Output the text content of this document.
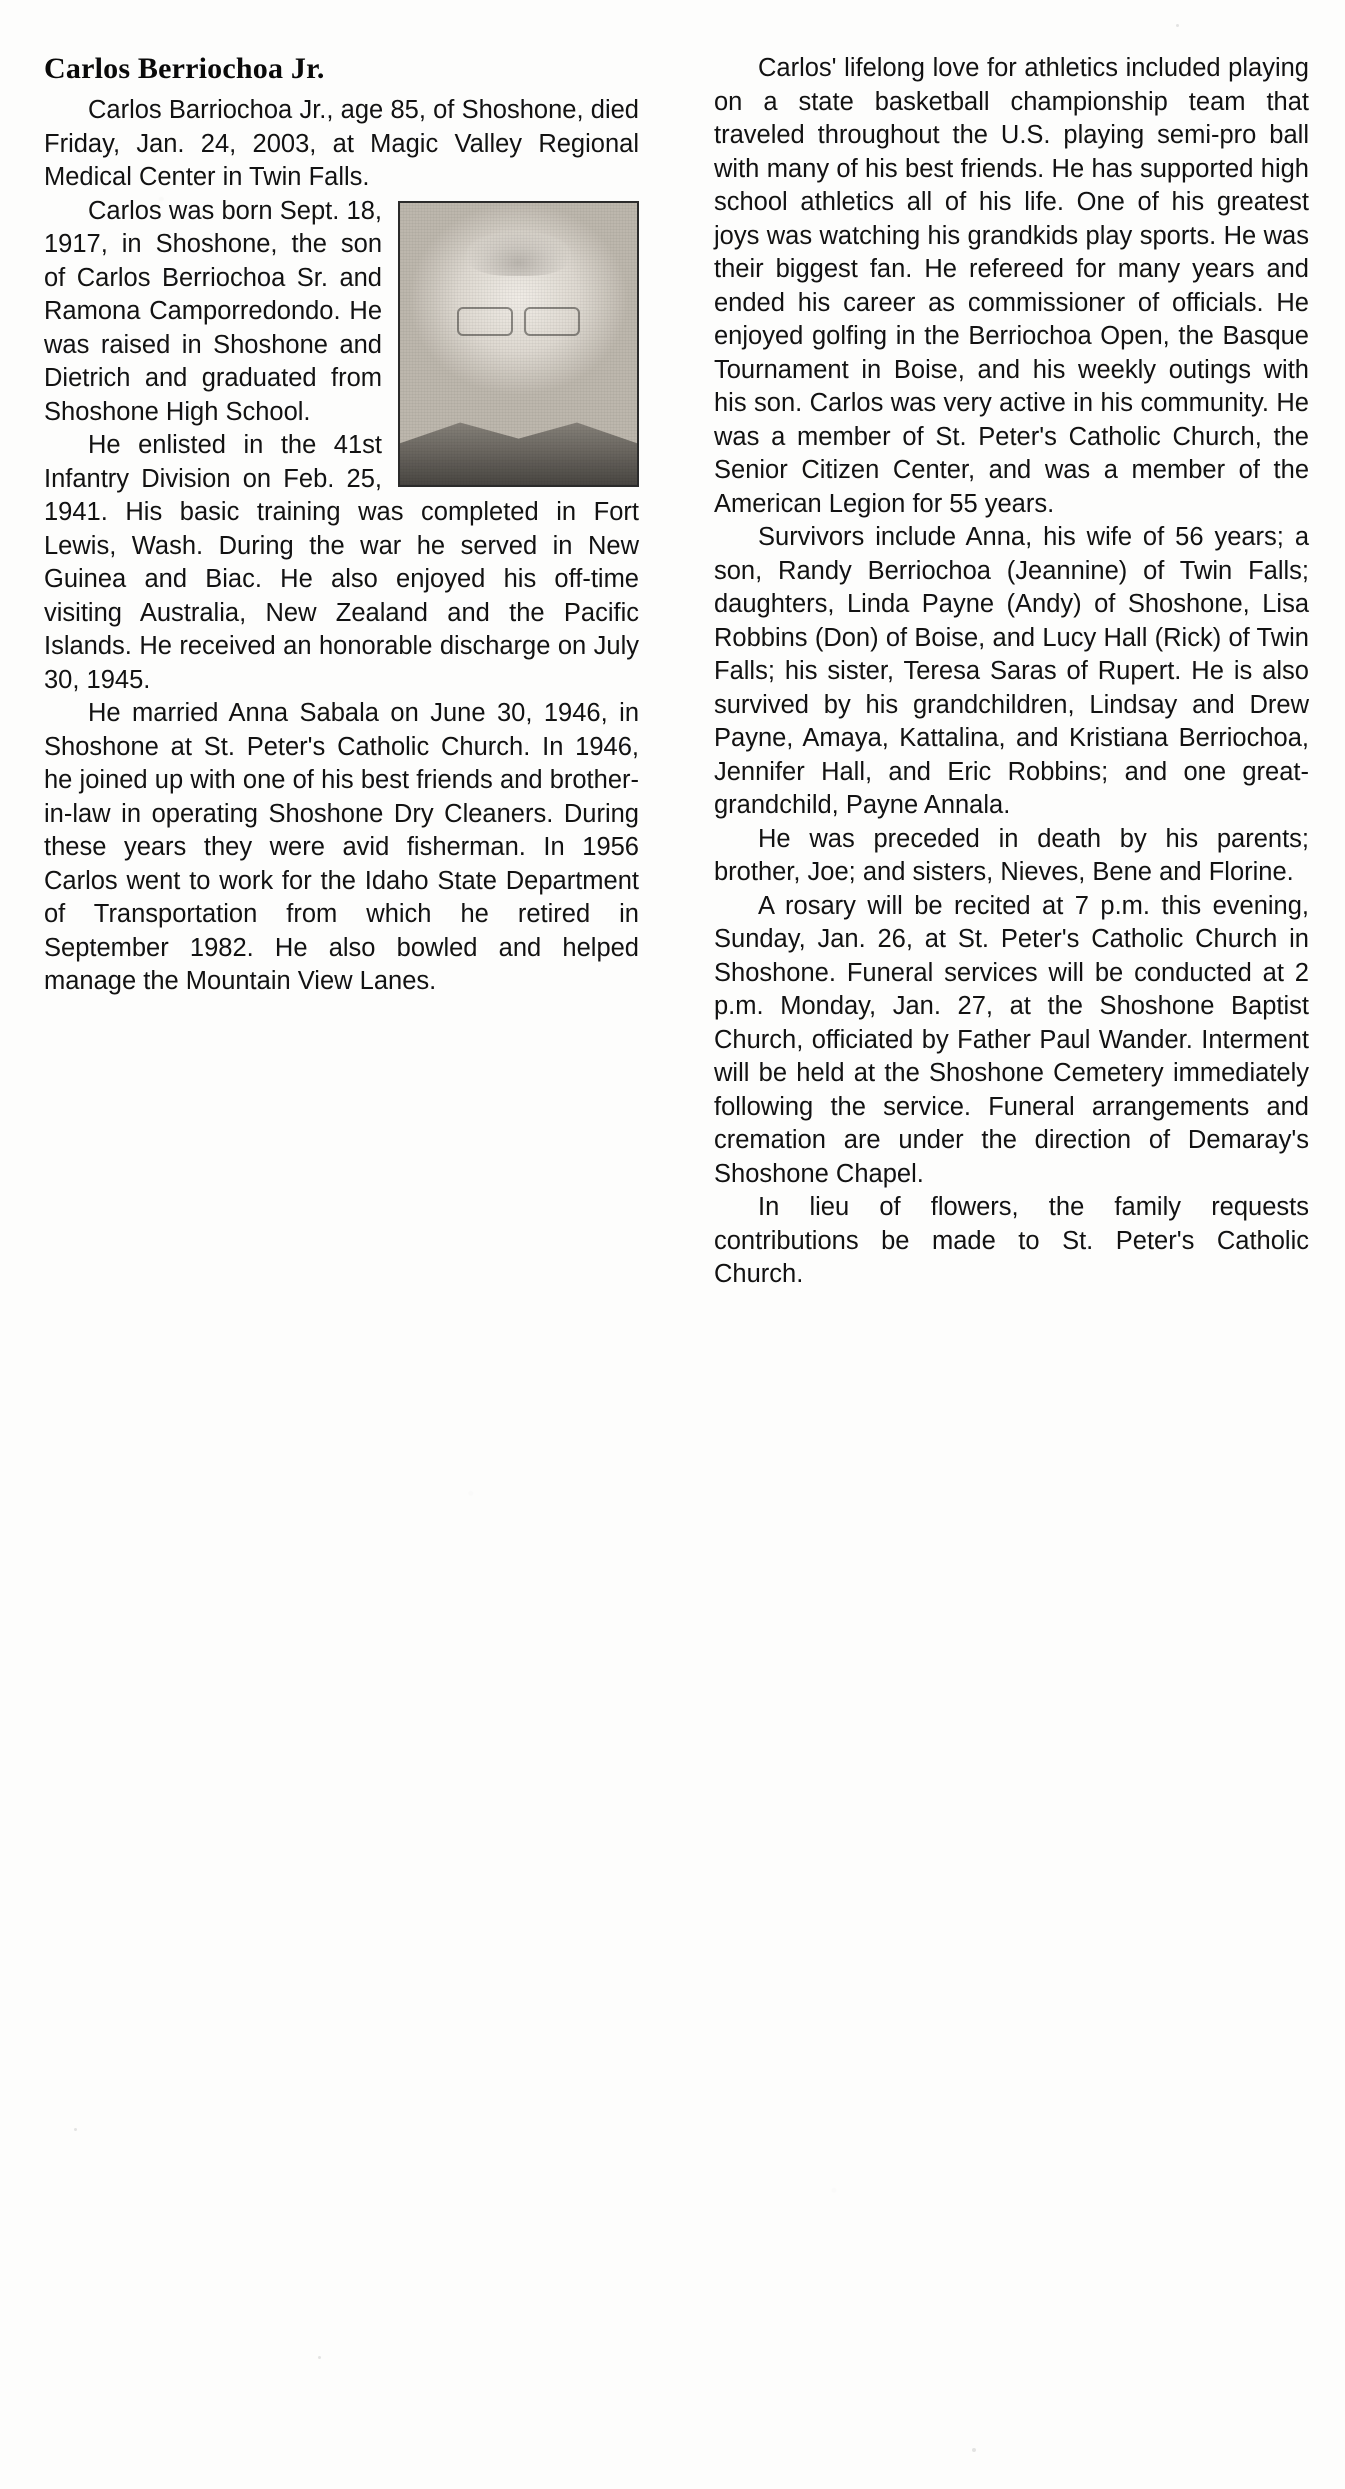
Carlos Berriochoa Jr.

Carlos Barriochoa Jr., age 85, of Shoshone, died Friday, Jan. 24, 2003, at Magic Valley Regional Medical Center in Twin Falls.

Carlos was born Sept. 18, 1917, in Shoshone, the son of Carlos Berriochoa Sr. and Ramona Camporredondo. He was raised in Shoshone and Dietrich and graduated from Shoshone High School.

He enlisted in the 41st Infantry Division on Feb. 25, 1941. His basic training was completed in Fort Lewis, Wash. During the war he served in New Guinea and Biac. He also enjoyed his off-time visiting Australia, New Zealand and the Pacific Islands. He received an honorable discharge on July 30, 1945.

He married Anna Sabala on June 30, 1946, in Shoshone at St. Peter's Catholic Church. In 1946, he joined up with one of his best friends and brother-in-law in operating Shoshone Dry Cleaners. During these years they were avid fisherman. In 1956 Carlos went to work for the Idaho State Department of Transportation from which he retired in September 1982. He also bowled and helped manage the Mountain View Lanes.

Carlos' lifelong love for athletics included playing on a state basketball championship team that traveled throughout the U.S. playing semi-pro ball with many of his best friends. He has supported high school athletics all of his life. One of his greatest joys was watching his grandkids play sports. He was their biggest fan. He refereed for many years and ended his career as commissioner of officials. He enjoyed golfing in the Berriochoa Open, the Basque Tournament in Boise, and his weekly outings with his son. Carlos was very active in his community. He was a member of St. Peter's Catholic Church, the Senior Citizen Center, and was a member of the American Legion for 55 years.

Survivors include Anna, his wife of 56 years; a son, Randy Berriochoa (Jeannine) of Twin Falls; daughters, Linda Payne (Andy) of Shoshone, Lisa Robbins (Don) of Boise, and Lucy Hall (Rick) of Twin Falls; his sister, Teresa Saras of Rupert. He is also survived by his grandchildren, Lindsay and Drew Payne, Amaya, Kattalina, and Kristiana Berriochoa, Jennifer Hall, and Eric Robbins; and one great-grandchild, Payne Annala.

He was preceded in death by his parents; brother, Joe; and sisters, Nieves, Bene and Florine.

A rosary will be recited at 7 p.m. this evening, Sunday, Jan. 26, at St. Peter's Catholic Church in Shoshone. Funeral services will be conducted at 2 p.m. Monday, Jan. 27, at the Shoshone Baptist Church, officiated by Father Paul Wander. Interment will be held at the Shoshone Cemetery immediately following the service. Funeral arrangements and cremation are under the direction of Demaray's Shoshone Chapel.

In lieu of flowers, the family requests contributions be made to St. Peter's Catholic Church.
